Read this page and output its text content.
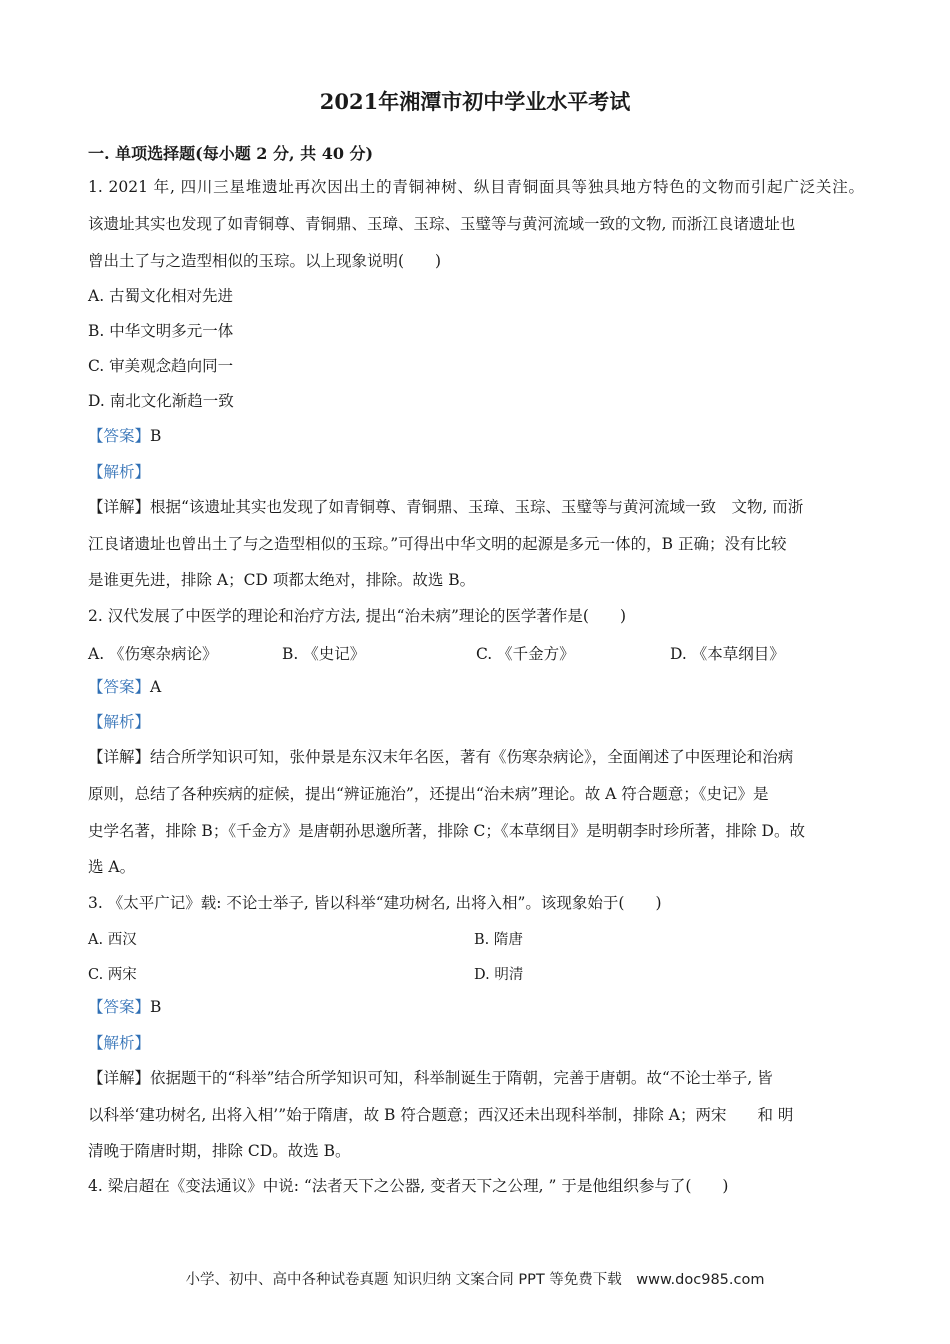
2021年湘潭市初中学业水平考试
一. 单项选择题(每小题 2 分, 共 40 分)
1. 2021 年, 四川三星堆遗址再次因出土的青铜神树、纵目青铜面具等独具地方特色的文物而引起广泛关注。
该遗址其实也发现了如青铜尊、青铜鼎、玉璋、玉琮、玉璧等与黄河流域一致的文物, 而浙江良诸遗址也
曾出土了与之造型相似的玉琮。以上现象说明(　　)
A. 古蜀文化相对先进
B. 中华文明多元一体
C. 审美观念趋向同一
D. 南北文化渐趋一致
【答案】B
【解析】
【详解】根据“该遗址其实也发现了如青铜尊、青铜鼎、玉璋、玉琮、玉璧等与黄河流域一致　文物, 而浙
江良诸遗址也曾出土了与之造型相似的玉琮。”可得出中华文明的起源是多元一体的，B 正确；没有比较
是谁更先进，排除 A；CD 项都太绝对，排除。故选 B。
2. 汉代发展了中医学的理论和治疗方法, 提出“治未病”理论的医学著作是(　　)
A. 《伤寒杂病论》	B. 《史记》	C. 《千金方》	D. 《本草纲目》
【答案】A
【解析】
【详解】结合所学知识可知，张仲景是东汉末年名医，著有《伤寒杂病论》，全面阐述了中医理论和治病
原则，总结了各种疾病的症候，提出“辨证施治”，还提出“治未病”理论。故 A 符合题意；《史记》是
史学名著，排除 B；《千金方》是唐朝孙思邈所著，排除 C；《本草纲目》是明朝李时珍所著，排除 D。故
选 A。
3. 《太平广记》载: 不论士举子, 皆以科举“建功树名, 出将入相”。该现象始于(　　)
A. 西汉	B. 隋唐
C. 两宋	D. 明清
【答案】B
【解析】
【详解】依据题干的“科举”结合所学知识可知，科举制诞生于隋朝，完善于唐朝。故“不论士举子, 皆
以科举‘建功树名, 出将入相’”始于隋唐，故 B 符合题意；西汉还未出现科举制，排除 A；两宋　　和 明
清晚于隋唐时期，排除 CD。故选 B。
4. 梁启超在《变法通议》中说: “法者天下之公器, 变者天下之公理, ” 于是他组织参与了(　　)
小学、初中、高中各种试卷真题 知识归纳 文案合同 PPT 等免费下载　www.doc985.com
